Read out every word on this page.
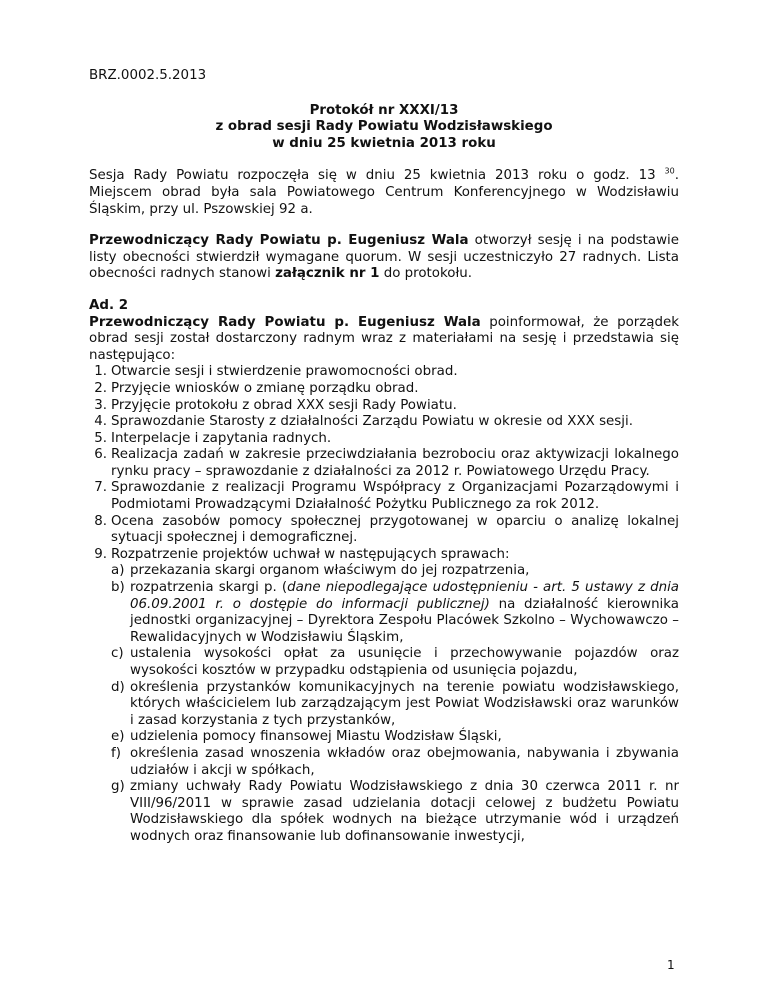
BRZ.0002.5.2013
Protokół nr XXXI/13
z obrad sesji Rady Powiatu Wodzisławskiego
w dniu 25 kwietnia 2013 roku

Sesja Rady Powiatu rozpoczęła się w dniu 25 kwietnia 2013 roku o godz. 13 $^{30}$. Miejscem obrad była sala Powiatowego Centrum Konferencyjnego w Wodzisławiu Śląskim, przy ul. Pszowskiej 92 a.

Przewodniczący Rady Powiatu p. Eugeniusz Wala otworzył sesję i na podstawie listy obecności stwierdził wymagane quorum. W sesji uczestniczyło 27 radnych. Lista obecności radnych stanowi załącznik nr 1 do protokołu.

Ad. 2
Przewodniczący Rady Powiatu p. Eugeniusz Wala poinformował, że porządek obrad sesji został dostarczony radnym wraz z materiałami na sesję i przedstawia się następująco:
1. Otwarcie sesji i stwierdzenie prawomocności obrad.
2. Przyjęcie wniosków o zmianę porządku obrad.
3. Przyjęcie protokołu z obrad XXX sesji Rady Powiatu.
4. Sprawozdanie Starosty z działalności Zarządu Powiatu w okresie od XXX sesji.
5. Interpelacje i zapytania radnych.
6. Realizacja zadań w zakresie przeciwdziałania bezrobociu oraz aktywizacji lokalnego rynku pracy – sprawozdanie z działalności za 2012 r. Powiatowego Urzędu Pracy.
7. Sprawozdanie z realizacji Programu Współpracy z Organizacjami Pozarządowymi i Podmiotami Prowadzącymi Działalność Pożytku Publicznego za rok 2012.
8. Ocena zasobów pomocy społecznej przygotowanej w oparciu o analizę lokalnej sytuacji społecznej i demograficznej.
9. Rozpatrzenie projektów uchwał w następujących sprawach:
a) przekazania skargi organom właściwym do jej rozpatrzenia,
b) rozpatrzenia skargi p. (dane niepodlegające udostępnieniu - art. 5 ustawy z dnia 06.09.2001 r. o dostępie do informacji publicznej) na działalność kierownika jednostki organizacyjnej – Dyrektora Zespołu Placówek Szkolno – Wychowawczo – Rewalidacyjnych w Wodzisławiu Śląskim,
c) ustalenia wysokości opłat za usunięcie i przechowywanie pojazdów oraz wysokości kosztów w przypadku odstąpienia od usunięcia pojazdu,
d) określenia przystanków komunikacyjnych na terenie powiatu wodzisławskiego, których właścicielem lub zarządzającym jest Powiat Wodzisławski oraz warunków i zasad korzystania z tych przystanków,
e) udzielenia pomocy finansowej Miastu Wodzisław Śląski,
f) określenia zasad wnoszenia wkładów oraz obejmowania, nabywania i zbywania udziałów i akcji w spółkach,
g) zmiany uchwały Rady Powiatu Wodzisławskiego z dnia 30 czerwca 2011 r. nr VIII/96/2011 w sprawie zasad udzielania dotacji celowej z budżetu Powiatu Wodzisławskiego dla spółek wodnych na bieżące utrzymanie wód i urządzeń wodnych oraz finansowanie lub dofinansowanie inwestycji,
1
